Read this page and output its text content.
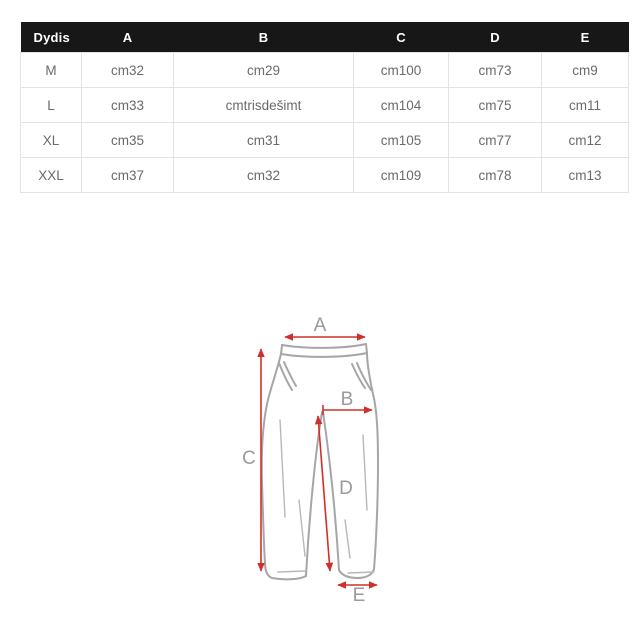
Dydis	A	B	C	D	E
M	cm32	cm29	cm100	cm73	cm9
L	cm33	cmtrisdešimt	cm104	cm75	cm11
XL	cm35	cm31	cm105	cm77	cm12
XXL	cm37	cm32	cm109	cm78	cm13
A
B
C
D
E
